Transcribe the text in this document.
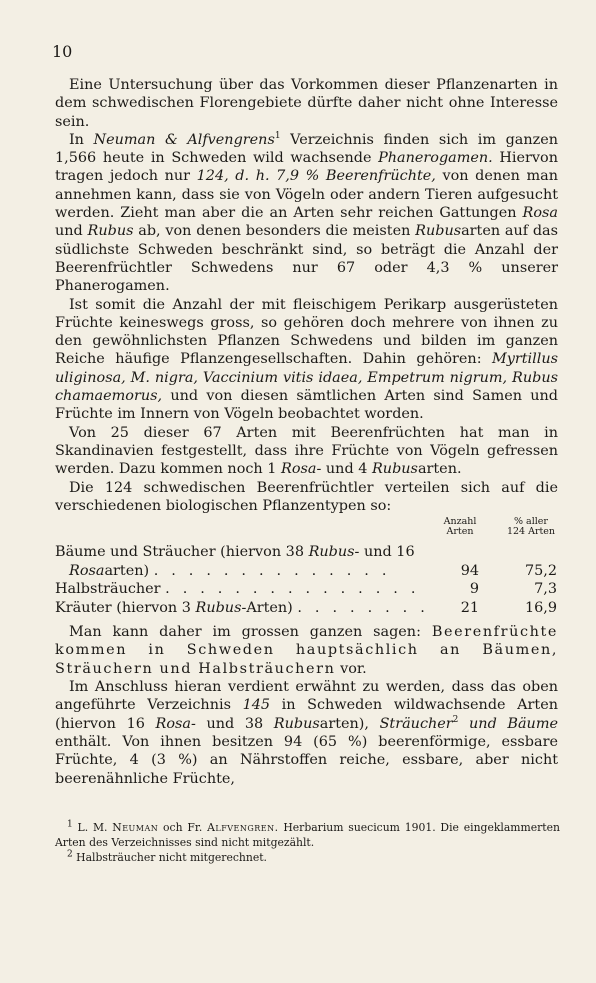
10

Eine Untersuchung über das Vorkommen dieser Pflanzenarten in dem schwedischen Florengebiete dürfte daher nicht ohne Interesse sein.

In Neuman & Alfvengrens$^1$ Verzeichnis finden sich im ganzen 1,566 heute in Schweden wild wachsende Phanerogamen. Hiervon tragen jedoch nur 124, d. h. 7,9 % Beerenfrüchte, von denen man annehmen kann, dass sie von Vögeln oder andern Tieren aufgesucht werden. Zieht man aber die an Arten sehr reichen Gattungen Rosa und Rubus ab, von denen besonders die meisten Rubusarten auf das südlichste Schweden beschränkt sind, so beträgt die Anzahl der Beerenfrüchtler Schwedens nur 67 oder 4,3 % unserer Phanerogamen.

Ist somit die Anzahl der mit fleischigem Perikarp ausgerüsteten Früchte keineswegs gross, so gehören doch mehrere von ihnen zu den gewöhnlichsten Pflanzen Schwedens und bilden im ganzen Reiche häufige Pflanzengesellschaften. Dahin gehören: Myrtillus uliginosa, M. nigra, Vaccinium vitis idaea, Empetrum nigrum, Rubus chamaemorus, und von diesen sämtlichen Arten sind Samen und Früchte im Innern von Vögeln beobachtet worden.

Von 25 dieser 67 Arten mit Beerenfrüchten hat man in Skandinavien festgestellt, dass ihre Früchte von Vögeln gefressen werden. Dazu kommen noch 1 Rosa- und 4 Rubusarten.

Die 124 schwedischen Beerenfrüchtler verteilen sich auf die verschiedenen biologischen Pflanzentypen so:

Anzahl
Arten
% aller
124 Arten
Bäume und Sträucher (hiervon 38 Rubus- und 16
Rosaarten) . . . . . . . . . . . . . .	94	75,2
Halbsträucher . . . . . . . . . . . . . . .	9	7,3
Kräuter (hiervon 3 Rubus-Arten) . . . . . . . .	21	16,9

Man kann daher im grossen ganzen sagen: Beerenfrüchte kommen in Schweden hauptsächlich an Bäumen, Sträuchern und Halbsträuchern vor.

Im Anschluss hieran verdient erwähnt zu werden, dass das oben angeführte Verzeichnis 145 in Schweden wildwachsende Arten (hiervon 16 Rosa- und 38 Rubusarten), Sträucher$^2$ und Bäume enthält. Von ihnen besitzen 94 (65 %) beerenförmige, essbare Früchte, 4 (3 %) an Nährstoffen reiche, essbare, aber nicht beerenähnliche Früchte,

$^1$ L. M. Neuman och Fr. Alfvengren. Herbarium suecicum 1901. Die eingeklammerten Arten des Verzeichnisses sind nicht mitgezählt.

$^2$ Halbsträucher nicht mitgerechnet.
